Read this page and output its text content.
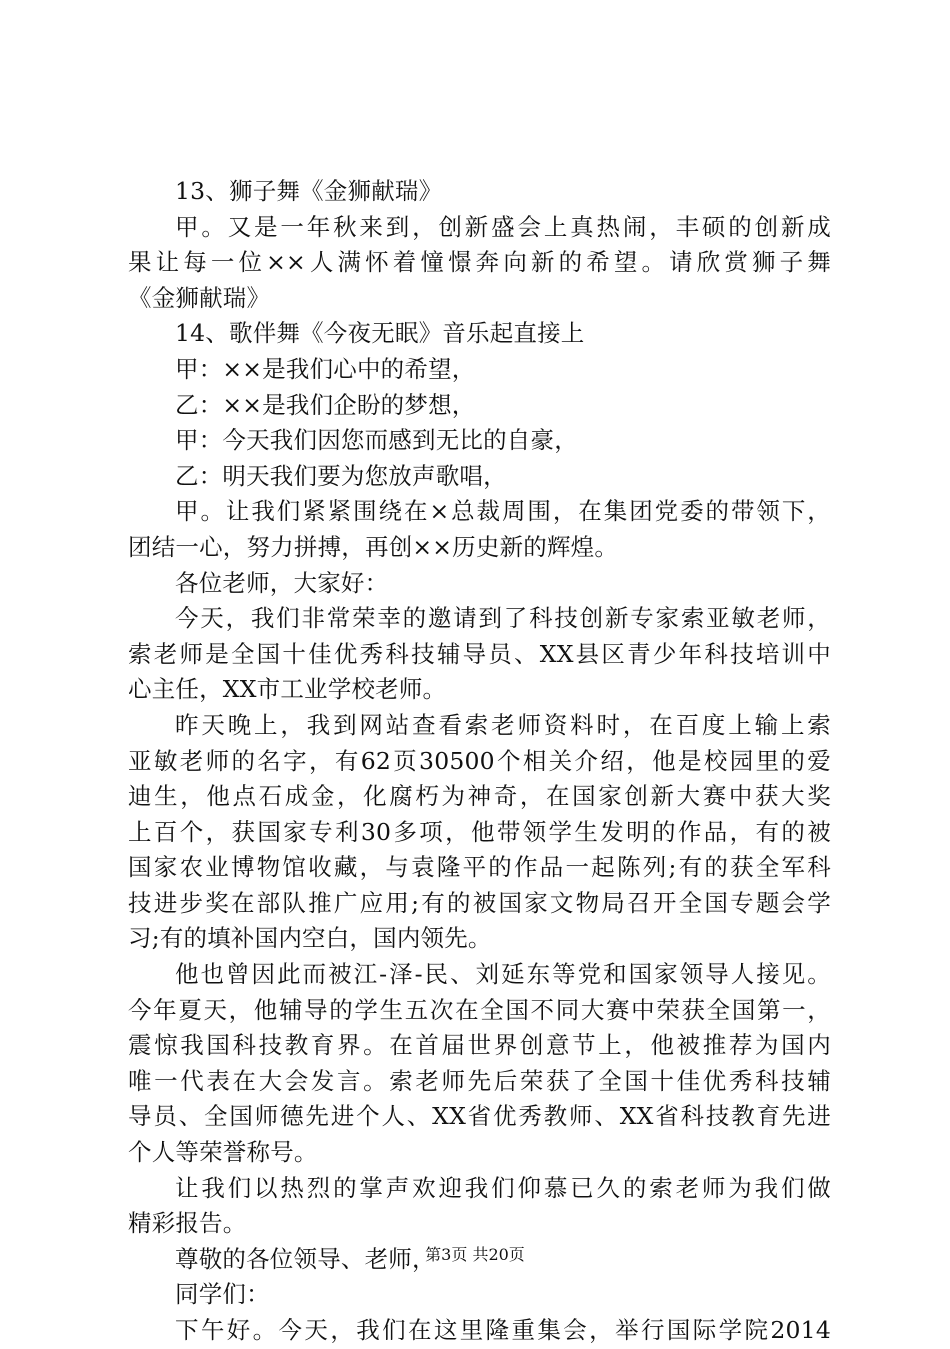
13、狮子舞《金狮献瑞》
甲。又是一年秋来到，创新盛会上真热闹，丰硕的创新成
果让每一位××人满怀着憧憬奔向新的希望。请欣赏狮子舞
《金狮献瑞》
14、歌伴舞《今夜无眠》音乐起直接上
甲：××是我们心中的希望，
乙：××是我们企盼的梦想，
甲：今天我们因您而感到无比的自豪，
乙：明天我们要为您放声歌唱，
甲。让我们紧紧围绕在×总裁周围，在集团党委的带领下，
团结一心，努力拼搏，再创××历史新的辉煌。
各位老师，大家好：
今天，我们非常荣幸的邀请到了科技创新专家索亚敏老师，
索老师是全国十佳优秀科技辅导员、XX县区青少年科技培训中
心主任，XX市工业学校老师。
昨天晚上，我到网站查看索老师资料时，在百度上输上索
亚敏老师的名字，有62页30500个相关介绍，他是校园里的爱
迪生，他点石成金，化腐朽为神奇，在国家创新大赛中获大奖
上百个，获国家专利30多项，他带领学生发明的作品，有的被
国家农业博物馆收藏，与袁隆平的作品一起陈列;有的获全军科
技进步奖在部队推广应用;有的被国家文物局召开全国专题会学
习;有的填补国内空白，国内领先。
他也曾因此而被江-泽-民、刘延东等党和国家领导人接见。
今年夏天，他辅导的学生五次在全国不同大赛中荣获全国第一，
震惊我国科技教育界。在首届世界创意节上，他被推荐为国内
唯一代表在大会发言。索老师先后荣获了全国十佳优秀科技辅
导员、全国师德先进个人、XX省优秀教师、XX省科技教育先进
个人等荣誉称号。
让我们以热烈的掌声欢迎我们仰慕已久的索老师为我们做
精彩报告。
尊敬的各位领导、老师，
同学们：
下午好。今天，我们在这里隆重集会，举行国际学院2014
第3页 共20页
